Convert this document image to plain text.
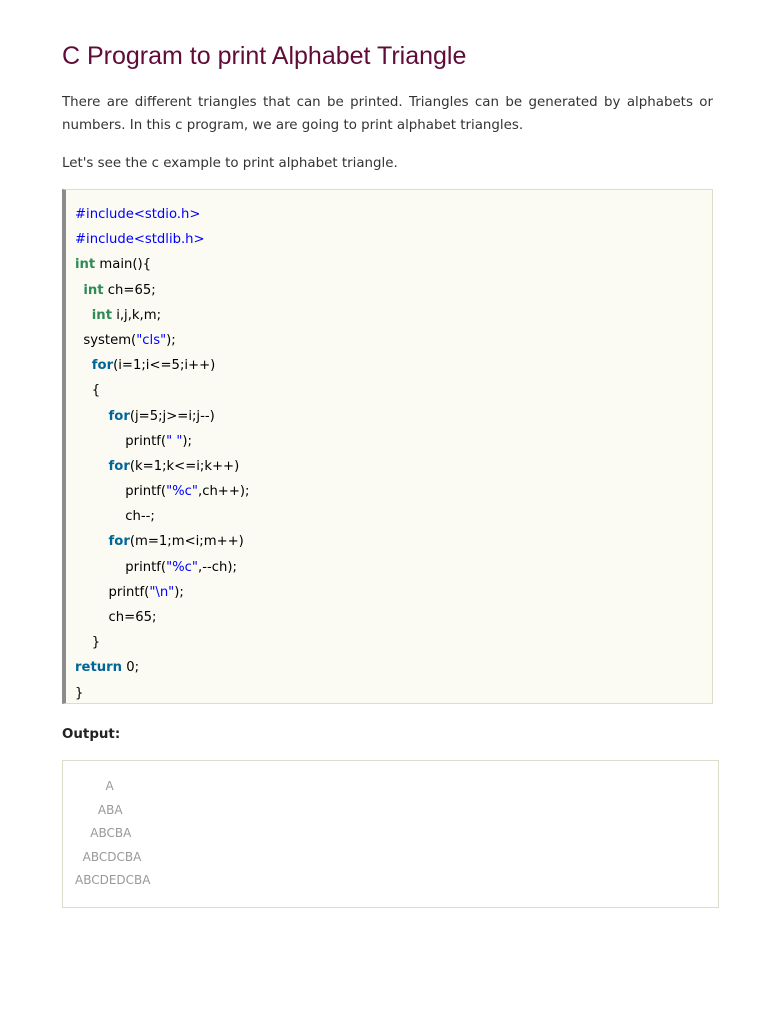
C Program to print Alphabet Triangle

There are different triangles that can be printed. Triangles can be generated by alphabets or numbers. In this c program, we are going to print alphabet triangles.

Let's see the c example to print alphabet triangle.

#include<stdio.h>
#include<stdlib.h>
int main(){
int ch=65;
int i,j,k,m;
system("cls");
for(i=1;i<=5;i++)
{
for(j=5;j>=i;j--)
printf(" ");
for(k=1;k<=i;k++)
printf("%c",ch++);
ch--;
for(m=1;m<i;m++)
printf("%c",--ch);
printf("\n");
ch=65;
}
return 0;
}

Output:

A
ABA
ABCBA
ABCDCBA
ABCDEDCBA
